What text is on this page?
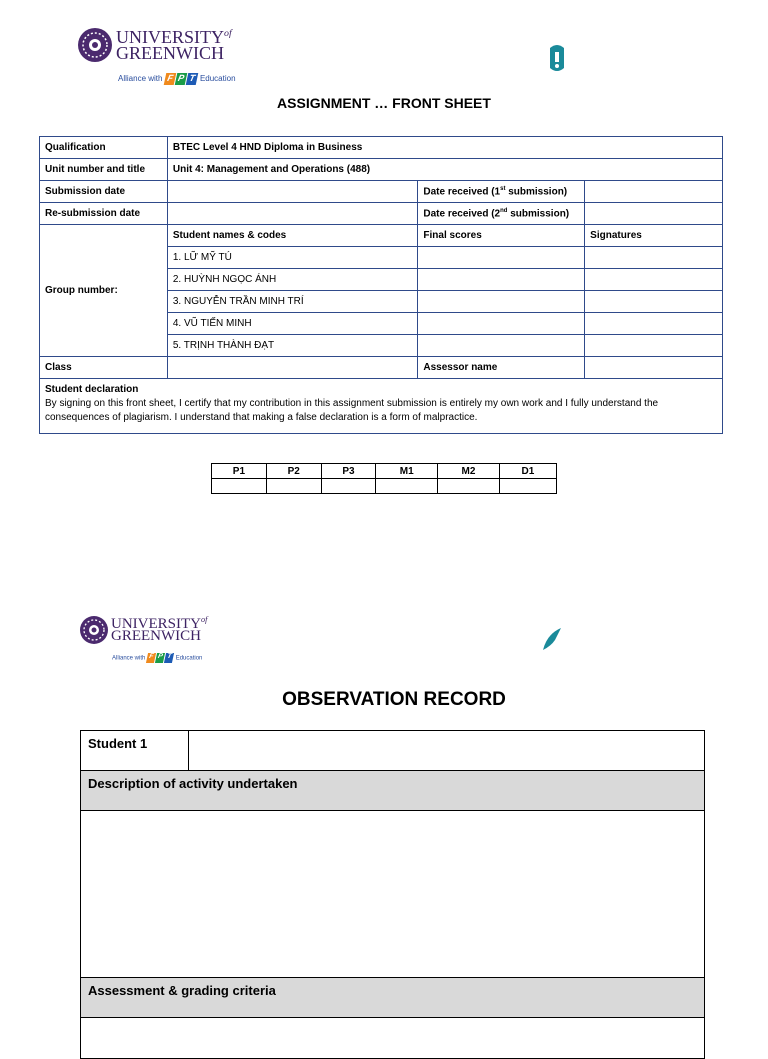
$UNIVERSITY^{of}$
GREENWICH
Alliance with F P T Education
ASSIGNMENT … FRONT SHEET
Qualification	BTEC Level 4 HND Diploma in Business		
Unit number and title	Unit 4: Management and Operations (488)		
Submission date		Date received (1st submission)	
Re-submission date		Date received (2nd submission)	
Group number:	Student names & codes	Final scores	Signatures
	1. LỮ MỸ TÚ		
	2. HUỲNH NGỌC ÁNH		
	3. NGUYỄN TRẦN MINH TRÍ		
	4. VŨ TIẾN MINH		
	5. TRỊNH THÀNH ĐẠT		
Class		Assessor name	

Student declaration
By signing on this front sheet, I certify that my contribution in this assignment submission is entirely my own work and I fully understand the consequences of plagiarism. I understand that making a false declaration is a form of malpractice.			
P1	P2	P3	M1	M2	D1

$UNIVERSITY^{of}$
GREENWICH
Alliance with F P T Education
OBSERVATION RECORD
Student 1	
Description of activity undertaken

Assessment & grading criteria
